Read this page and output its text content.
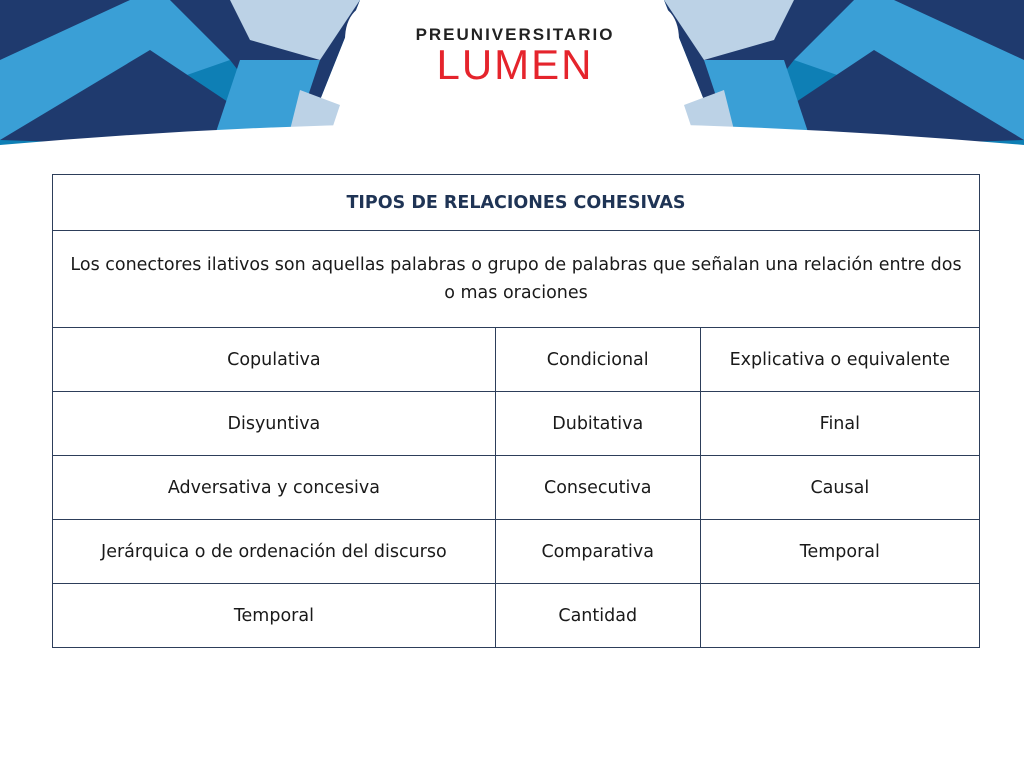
PREUNIVERSITARIO
LUMEN
TIPOS DE RELACIONES COHESIVAS		
Los conectores ilativos son aquellas palabras o grupo de palabras que señalan una relación entre dos o mas oraciones		
Copulativa	Condicional	Explicativa o equivalente
Disyuntiva	Dubitativa	Final
Adversativa y concesiva	Consecutiva	Causal
Jerárquica o de ordenación del discurso	Comparativa	Temporal
Temporal	Cantidad	
